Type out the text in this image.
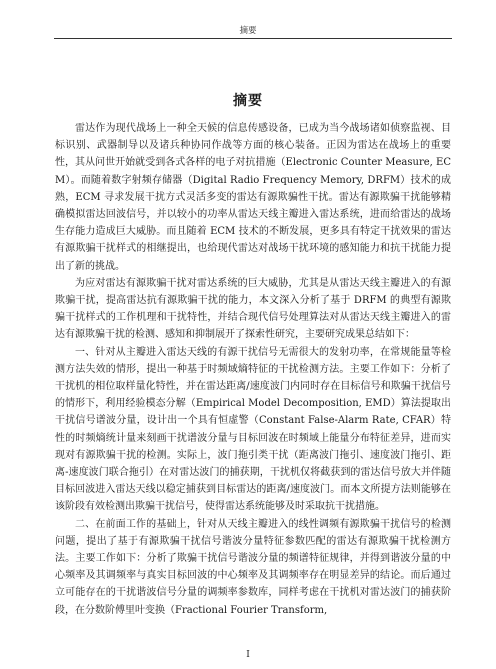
摘要
摘要

雷达作为现代战场上一种全天候的信息传感设备，已成为当今战场诸如侦察监视、目标识别、武器制导以及诸兵种协同作战等方面的核心装备。正因为雷达在战场上的重要性，其从问世开始就受到各式各样的电子对抗措施（Electronic Counter Measure, ECM）。而随着数字射频存储器（Digital Radio Frequency Memory, DRFM）技术的成熟，ECM 寻求发展干扰方式灵活多变的雷达有源欺骗性干扰。雷达有源欺骗干扰能够精确模拟雷达回波信号，并以较小的功率从雷达天线主瓣进入雷达系统，进而给雷达的战场生存能力造成巨大威胁。而且随着 ECM 技术的不断发展，更多具有特定干扰效果的雷达有源欺骗干扰样式的相继提出，也给现代雷达对战场干扰环境的感知能力和抗干扰能力提出了新的挑战。

为应对雷达有源欺骗干扰对雷达系统的巨大威胁，尤其是从雷达天线主瓣进入的有源欺骗干扰，提高雷达抗有源欺骗干扰的能力，本文深入分析了基于 DRFM 的典型有源欺骗干扰样式的工作机理和干扰特性，并结合现代信号处理算法对从雷达天线主瓣进入的雷达有源欺骗干扰的检测、感知和抑制展开了探索性研究，主要研究成果总结如下：

一、针对从主瓣进入雷达天线的有源干扰信号无需很大的发射功率，在常规能量等检测方法失效的情形，提出一种基于时频域熵特征的干扰检测方法。主要工作如下：分析了干扰机的相位取样量化特性，并在雷达距离/速度波门内同时存在目标信号和欺骗干扰信号的情形下，利用经验模态分解（Empirical Model Decomposition, EMD）算法提取出干扰信号谱波分量，设计出一个具有恒虚警（Constant False-Alarm Rate, CFAR）特性的时频熵统计量来刻画干扰谱波分量与目标回波在时频域上能量分布特征差异，进而实现对有源欺骗干扰的检测。实际上，波门拖引类干扰（距离波门拖引、速度波门拖引、距离-速度波门联合拖引）在对雷达波门的捕获期，干扰机仅将截获到的雷达信号放大并伴随目标回波进入雷达天线以稳定捕获到目标雷达的距离/速度波门。而本文所提方法则能够在该阶段有效检测出欺骗干扰信号，使得雷达系统能够及时采取抗干扰措施。

二、在前面工作的基础上，针对从天线主瓣进入的线性调频有源欺骗干扰信号的检测问题，提出了基于有源欺骗干扰信号谐波分量特征参数匹配的雷达有源欺骗干扰检测方法。主要工作如下：分析了欺骗干扰信号谐波分量的频谱特征规律，并得到谐波分量的中心频率及其调频率与真实目标回波的中心频率及其调频率存在明显差异的结论。而后通过立可能存在的干扰谐波信号分量的调频率参数库，同样考虑在干扰机对雷达波门的捕获阶段，在分数阶傅里叶变换（Fractional Fourier Transform,

I
